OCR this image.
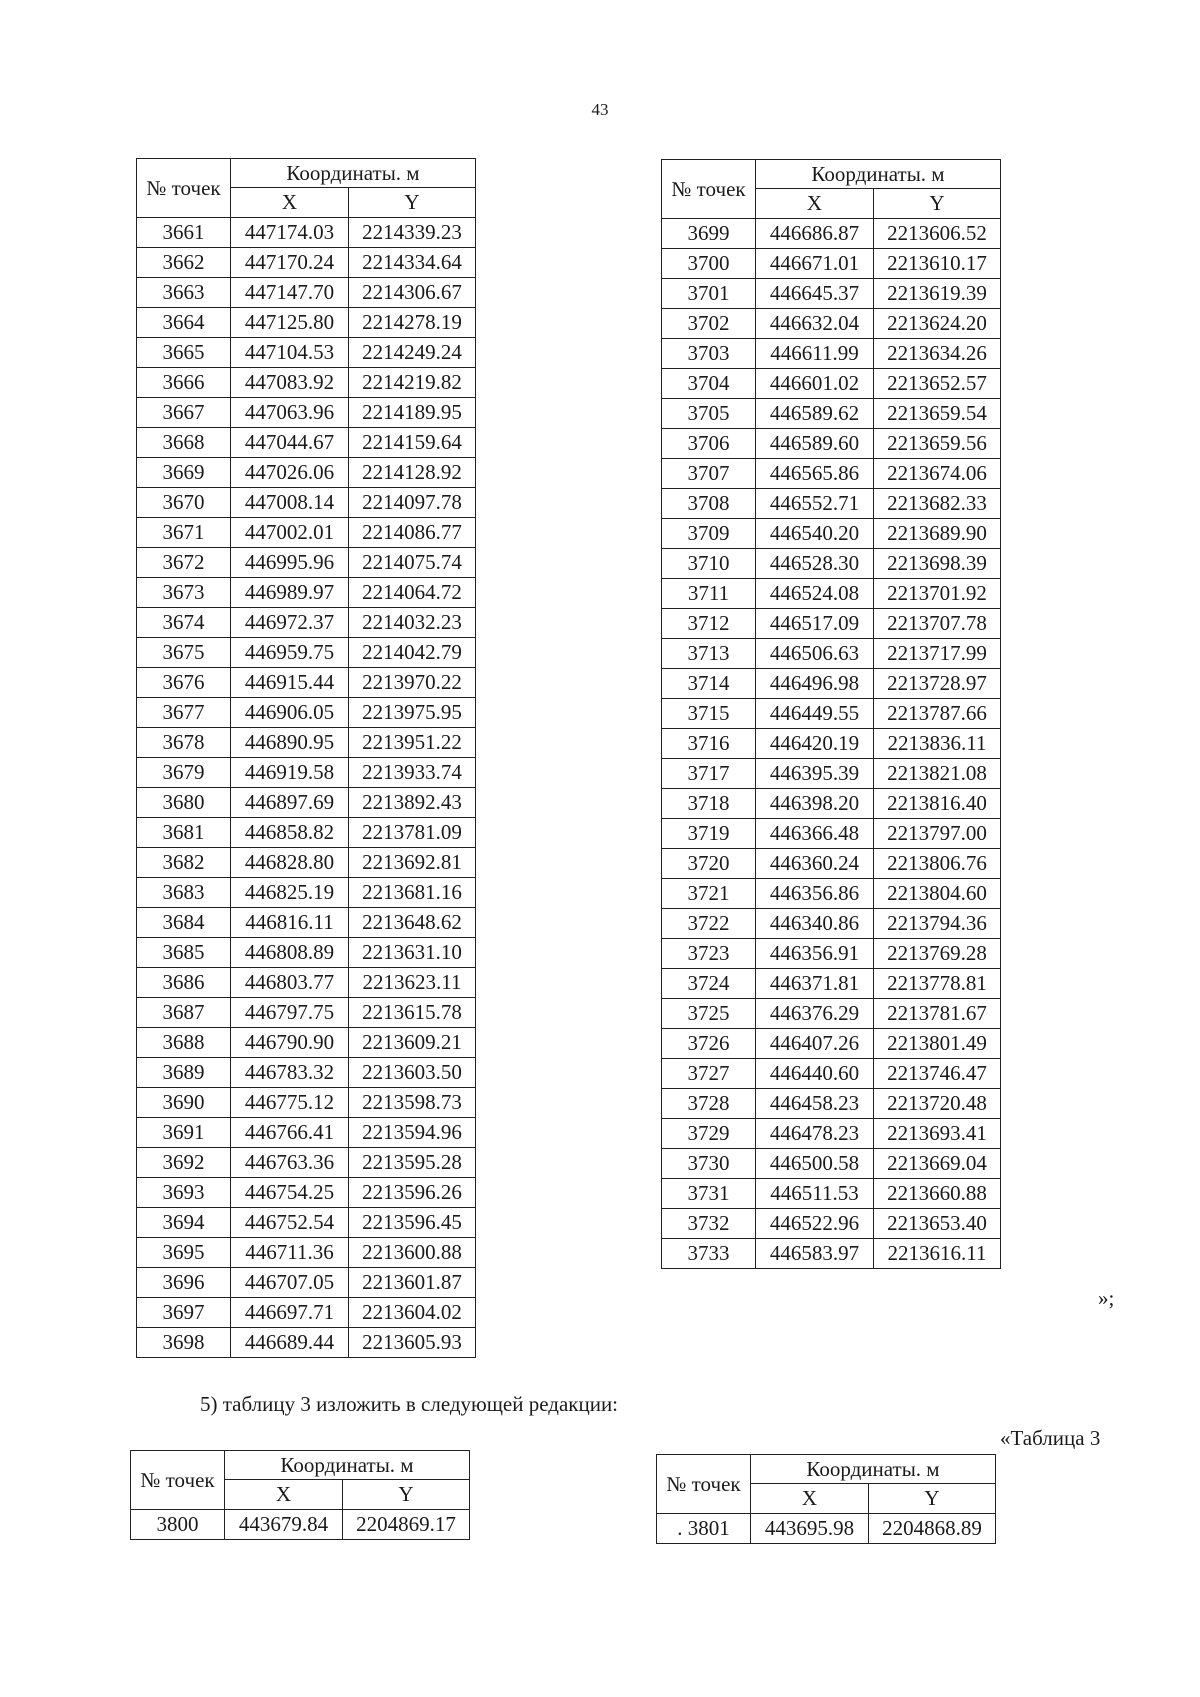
43
№ точек	Координаты. м	
	X	Y
3661	447174.03	2214339.23
3662	447170.24	2214334.64
3663	447147.70	2214306.67
3664	447125.80	2214278.19
3665	447104.53	2214249.24
3666	447083.92	2214219.82
3667	447063.96	2214189.95
3668	447044.67	2214159.64
3669	447026.06	2214128.92
3670	447008.14	2214097.78
3671	447002.01	2214086.77
3672	446995.96	2214075.74
3673	446989.97	2214064.72
3674	446972.37	2214032.23
3675	446959.75	2214042.79
3676	446915.44	2213970.22
3677	446906.05	2213975.95
3678	446890.95	2213951.22
3679	446919.58	2213933.74
3680	446897.69	2213892.43
3681	446858.82	2213781.09
3682	446828.80	2213692.81
3683	446825.19	2213681.16
3684	446816.11	2213648.62
3685	446808.89	2213631.10
3686	446803.77	2213623.11
3687	446797.75	2213615.78
3688	446790.90	2213609.21
3689	446783.32	2213603.50
3690	446775.12	2213598.73
3691	446766.41	2213594.96
3692	446763.36	2213595.28
3693	446754.25	2213596.26
3694	446752.54	2213596.45
3695	446711.36	2213600.88
3696	446707.05	2213601.87
3697	446697.71	2213604.02
3698	446689.44	2213605.93
№ точек	Координаты. м	
	X	Y
3699	446686.87	2213606.52
3700	446671.01	2213610.17
3701	446645.37	2213619.39
3702	446632.04	2213624.20
3703	446611.99	2213634.26
3704	446601.02	2213652.57
3705	446589.62	2213659.54
3706	446589.60	2213659.56
3707	446565.86	2213674.06
3708	446552.71	2213682.33
3709	446540.20	2213689.90
3710	446528.30	2213698.39
3711	446524.08	2213701.92
3712	446517.09	2213707.78
3713	446506.63	2213717.99
3714	446496.98	2213728.97
3715	446449.55	2213787.66
3716	446420.19	2213836.11
3717	446395.39	2213821.08
3718	446398.20	2213816.40
3719	446366.48	2213797.00
3720	446360.24	2213806.76
3721	446356.86	2213804.60
3722	446340.86	2213794.36
3723	446356.91	2213769.28
3724	446371.81	2213778.81
3725	446376.29	2213781.67
3726	446407.26	2213801.49
3727	446440.60	2213746.47
3728	446458.23	2213720.48
3729	446478.23	2213693.41
3730	446500.58	2213669.04
3731	446511.53	2213660.88
3732	446522.96	2213653.40
3733	446583.97	2213616.11
»;
5) таблицу 3 изложить в следующей редакции:
«Таблица 3
№ точек	Координаты. м	
	X	Y
3800	443679.84	2204869.17
№ точек	Координаты. м	
	X	Y
. 3801	443695.98	2204868.89
